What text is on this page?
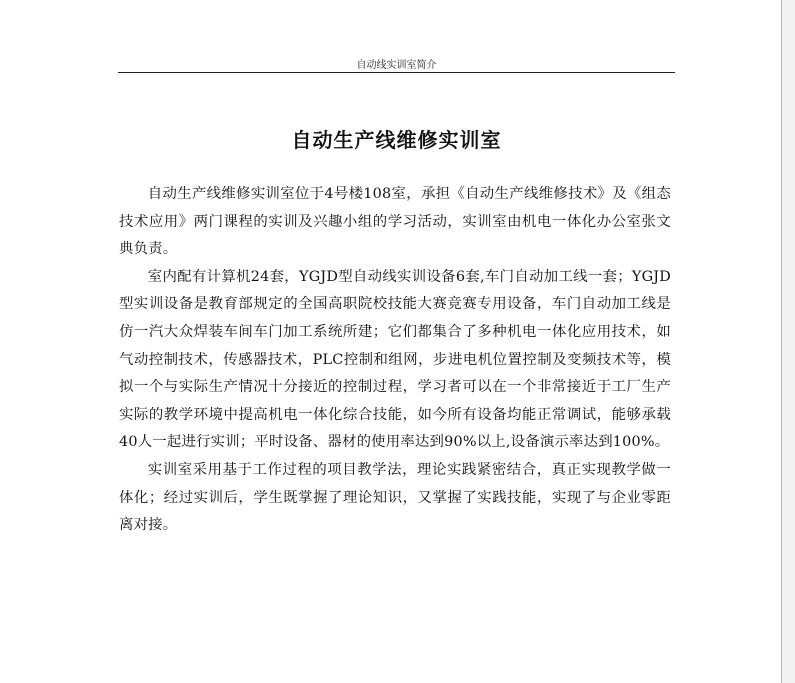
自动线实训室简介
自动生产线维修实训室

自动生产线维修实训室位于4号楼108室，承担《自动生产线维修技术》及《组态技术应用》两门课程的实训及兴趣小组的学习活动，实训室由机电一体化办公室张文典负责。

室内配有计算机24套，YGJD型自动线实训设备6套,车门自动加工线一套；YGJD型实训设备是教育部规定的全国高职院校技能大赛竞赛专用设备，车门自动加工线是仿一汽大众焊装车间车门加工系统所建；它们都集合了多种机电一体化应用技术，如气动控制技术，传感器技术，PLC控制和组网，步进电机位置控制及变频技术等，模拟一个与实际生产情况十分接近的控制过程，学习者可以在一个非常接近于工厂生产实际的教学环境中提高机电一体化综合技能，如今所有设备均能正常调试，能够承载40人一起进行实训；平时设备、器材的使用率达到90%以上,设备演示率达到100%。

实训室采用基于工作过程的项目教学法，理论实践紧密结合，真正实现教学做一体化；经过实训后，学生既掌握了理论知识，又掌握了实践技能，实现了与企业零距离对接。
